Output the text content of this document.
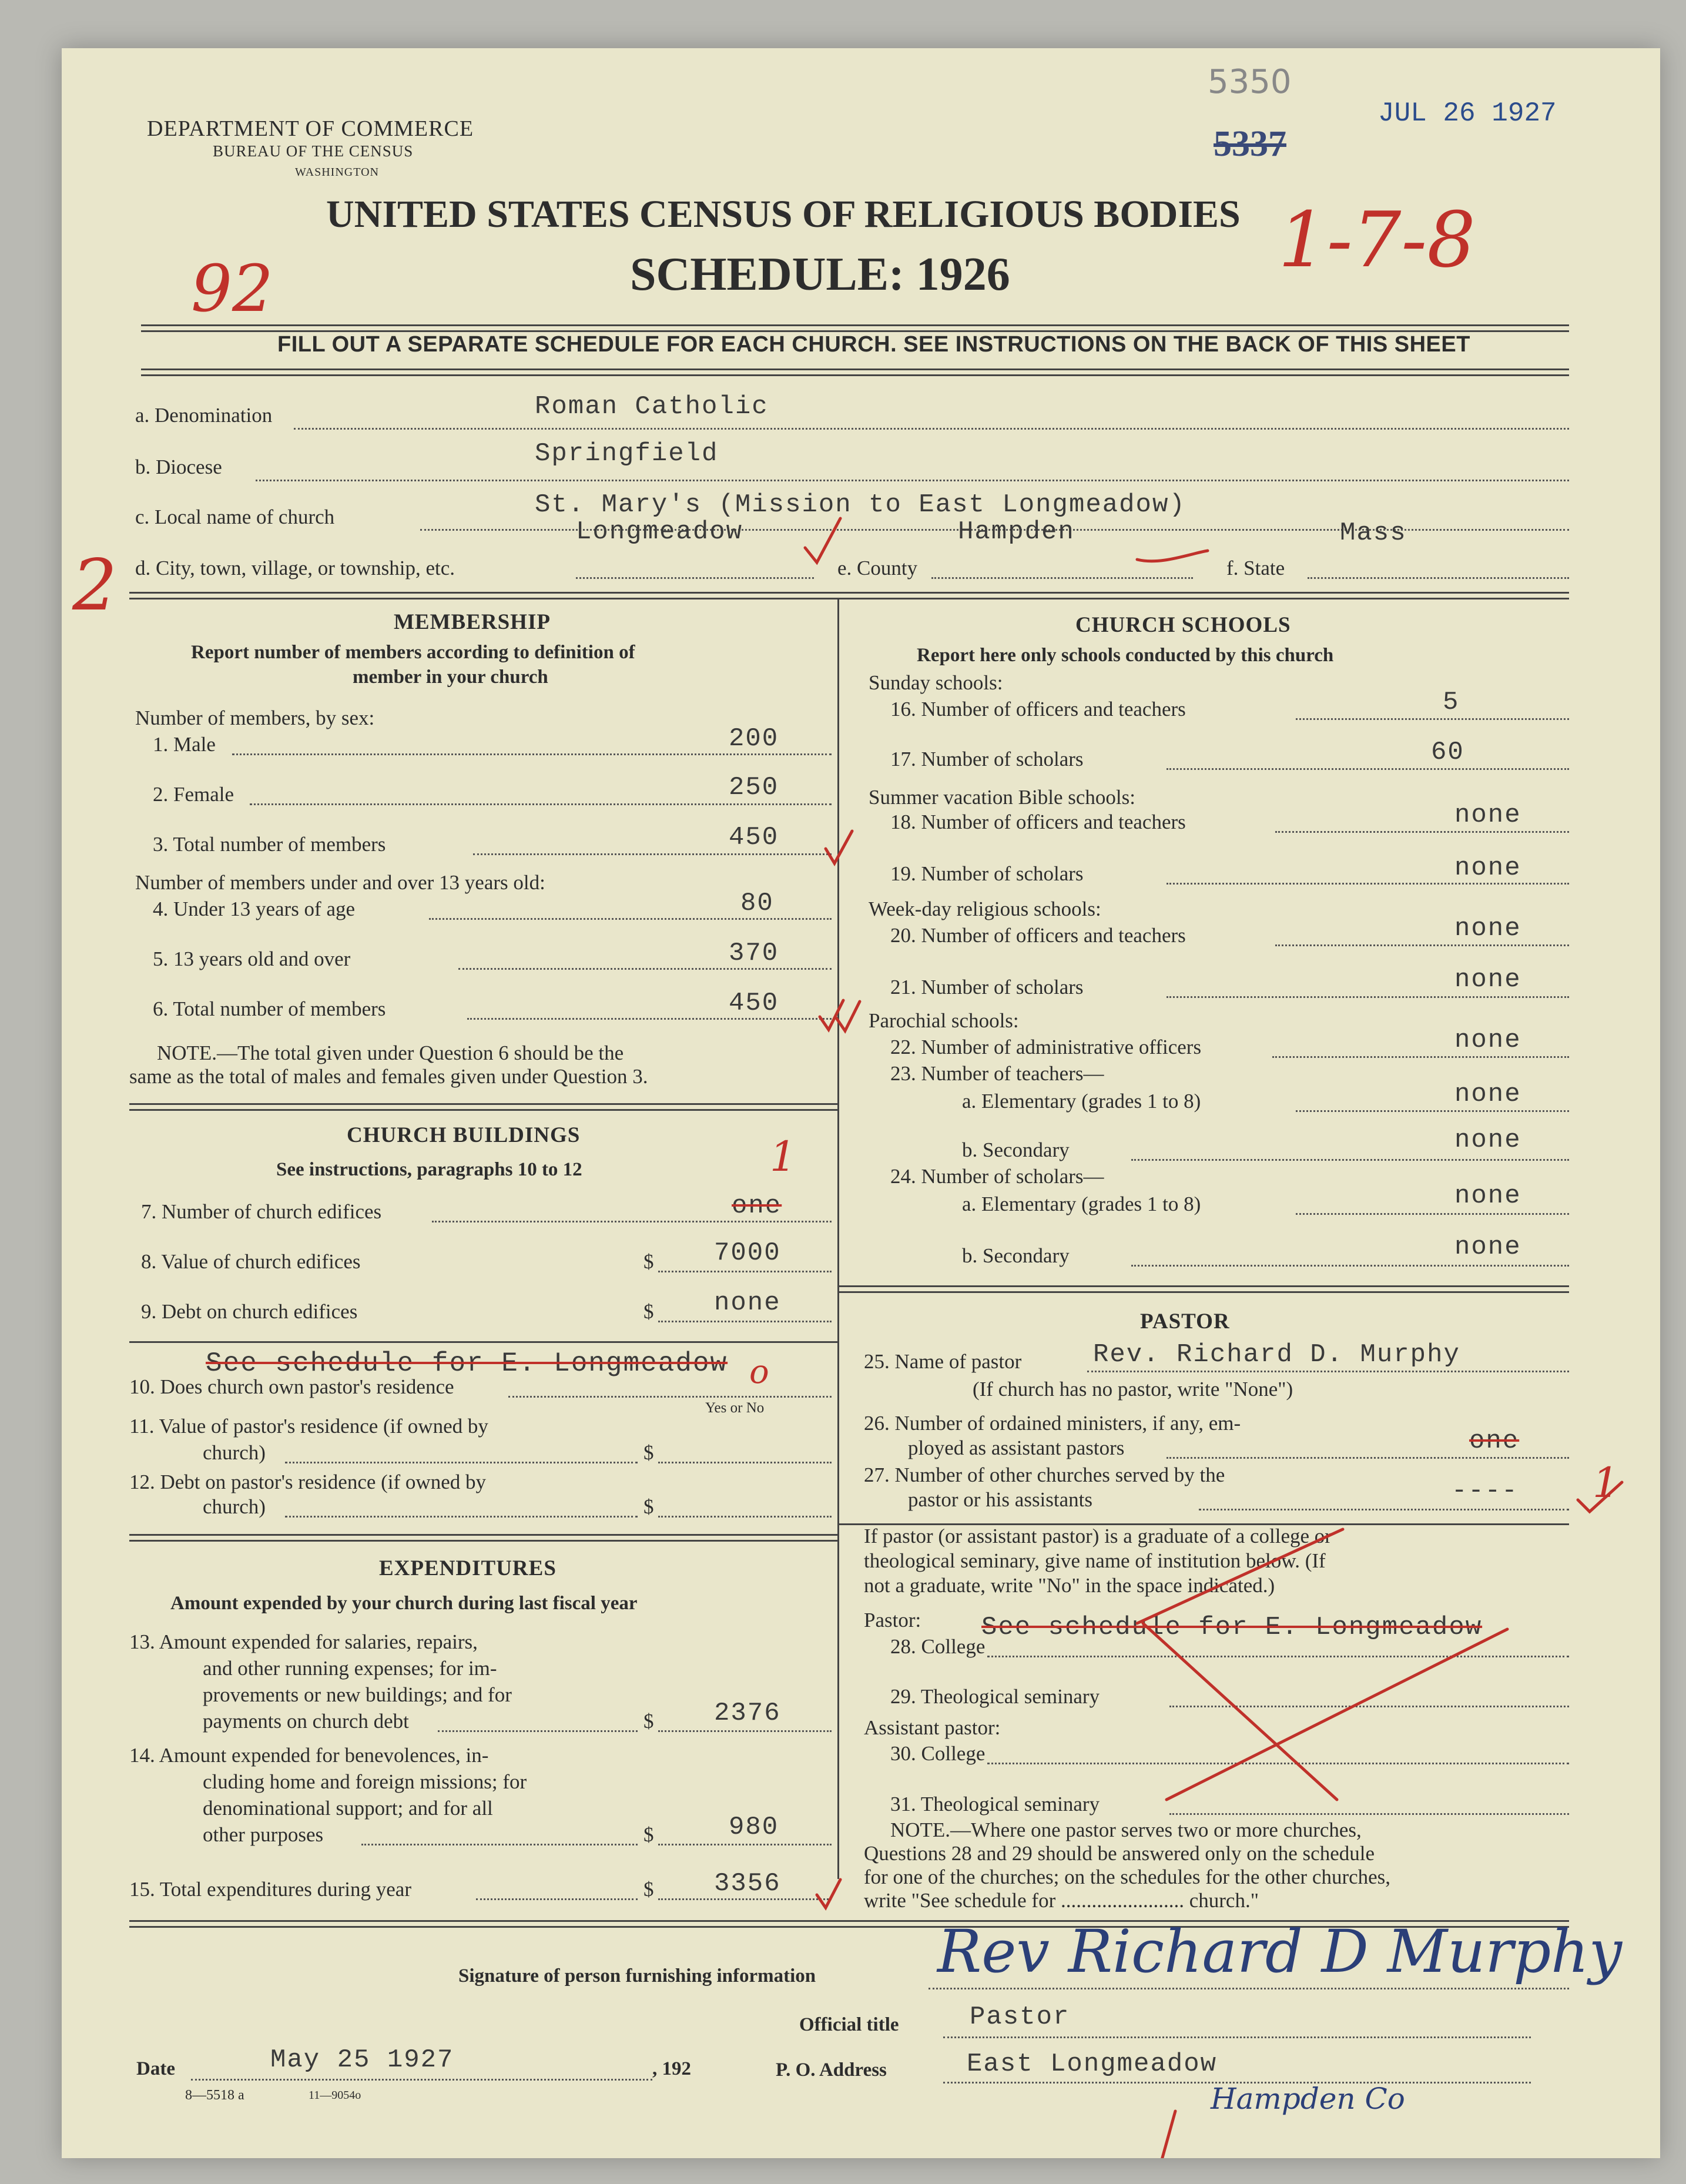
DEPARTMENT OF COMMERCE
BUREAU OF THE CENSUS
WASHINGTON
5350
5337
JUL 26 1927
UNITED STATES CENSUS OF RELIGIOUS BODIES
SCHEDULE: 1926
92
1-7-8
FILL OUT A SEPARATE SCHEDULE FOR EACH CHURCH. SEE INSTRUCTIONS ON THE BACK OF THIS SHEET
a. Denomination	Roman Catholic
b. Diocese	Springfield
c. Local name of church	St. Mary's (Mission to East Longmeadow)
2 d. City, town, village, or township, etc.
Longmeadow
e. County
Hampden
f. State
Mass
MEMBERSHIP
Report number of members according to definition of
member in your church
Number of members, by sex:
1. Male	200
2. Female	250
3. Total number of members	450
Number of members under and over 13 years old:
4. Under 13 years of age	80
5. 13 years old and over	370
6. Total number of members	450
NOTE.—The total given under Question 6 should be the
same as the total of males and females given under Question 3.
CHURCH BUILDINGS
See instructions, paragraphs 10 to 12	1
7. Number of church edifices	one
8. Value of church edifices	$ 7000
9. Debt on church edifices	$ none
See schedule for E. Longmeadow
10. Does church own pastor's residence	o
Yes or No
11. Value of pastor's residence (if owned by
church)	$
12. Debt on pastor's residence (if owned by
church)	$
EXPENDITURES
Amount expended by your church during last fiscal year
13. Amount expended for salaries, repairs,
and other running expenses; for im-
provements or new buildings; and for
payments on church debt	$ 2376
14. Amount expended for benevolences, in-
cluding home and foreign missions; for
denominational support; and for all
other purposes	$	980
15. Total expenditures during year	$ 3356
CHURCH SCHOOLS
Report here only schools conducted by this church
Sunday schools:
16. Number of officers and teachers	5
17. Number of scholars	60
Summer vacation Bible schools:
18. Number of officers and teachers	none
19. Number of scholars	none
Week-day religious schools:
20. Number of officers and teachers	none
21. Number of scholars	none
Parochial schools:
22. Number of administrative officers	none
23. Number of teachers—
a. Elementary (grades 1 to 8)	none
b. Secondary	none
24. Number of scholars—
a. Elementary (grades 1 to 8)	none
b. Secondary	none
PASTOR
25. Name of pastor	Rev. Richard D. Murphy
(If church has no pastor, write "None")
26. Number of ordained ministers, if any, em-
ployed as assistant pastors	one
27. Number of other churches served by the
pastor or his assistants	---- 1
If pastor (or assistant pastor) is a graduate of a college or
theological seminary, give name of institution below. (If
not a graduate, write "No" in the space indicated.)
Pastor:
28. College
See schedule for E. Longmeadow
29. Theological seminary
Assistant pastor:
30. College
31. Theological seminary
NOTE.—Where one pastor serves two or more churches,
Questions 28 and 29 should be answered only on the schedule
for one of the churches; on the schedules for the other churches,
write "See schedule for ........................ church."
Signature of person furnishing information Rev Richard D Murphy
Official title	Pastor
Date	May 25 1927	, 192	P. O. Address	East Longmeadow
Hampden Co
8—5518 a	11—9054o
